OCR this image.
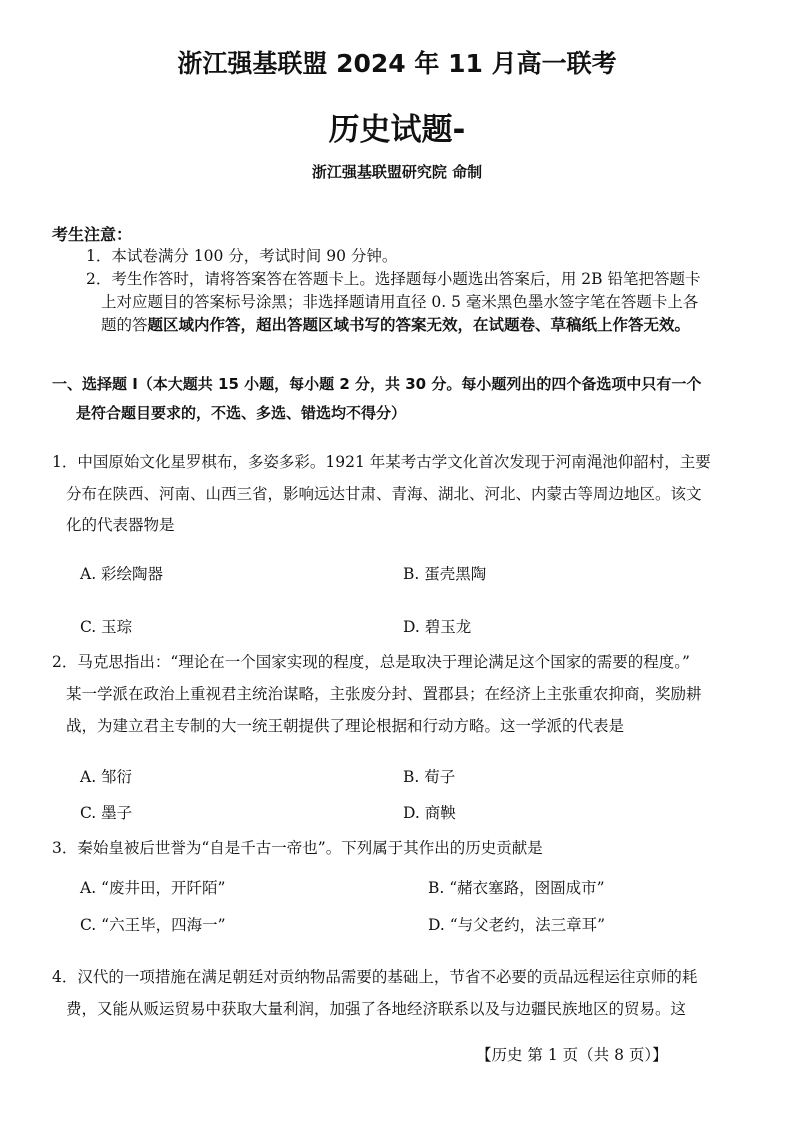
浙江强基联盟 2024 年 11 月高一联考
历史试题-
浙江强基联盟研究院 命制
考生注意：
1．本试卷满分 100 分，考试时间 90 分钟。
2．考生作答时，请将答案答在答题卡上。选择题每小题选出答案后，用 2B 铅笔把答题卡
上对应题目的答案标号涂黑；非选择题请用直径 0. 5 毫米黑色墨水签字笔在答题卡上各
题的答题区域内作答，超出答题区域书写的答案无效，在试题卷、草稿纸上作答无效。
一、选择题 I（本大题共 15 小题，每小题 2 分，共 30 分。每小题列出的四个备选项中只有一个
是符合题目要求的，不选、多选、错选均不得分）
1．中国原始文化星罗棋布，多姿多彩。1921 年某考古学文化首次发现于河南渑池仰韶村，主要
分布在陕西、河南、山西三省，影响远达甘肃、青海、湖北、河北、内蒙古等周边地区。该文
化的代表器物是
A. 彩绘陶器	B. 蛋壳黑陶
C. 玉琮	D. 碧玉龙
2．马克思指出：“理论在一个国家实现的程度，总是取决于理论满足这个国家的需要的程度。”
某一学派在政治上重视君主统治谋略，主张废分封、置郡县；在经济上主张重农抑商，奖励耕
战，为建立君主专制的大一统王朝提供了理论根据和行动方略。这一学派的代表是
A. 邹衍	B. 荀子
C. 墨子	D. 商鞅
3．秦始皇被后世誉为“自是千古一帝也”。下列属于其作出的历史贡献是
A. “废井田，开阡陌”	B. “赭衣塞路，囹圄成市”
C. “六王毕，四海一”	D. “与父老约，法三章耳”
4．汉代的一项措施在满足朝廷对贡纳物品需要的基础上，节省不必要的贡品远程运往京师的耗
费，又能从贩运贸易中获取大量利润，加强了各地经济联系以及与边疆民族地区的贸易。这
【历史 第 1 页（共 8 页）】
